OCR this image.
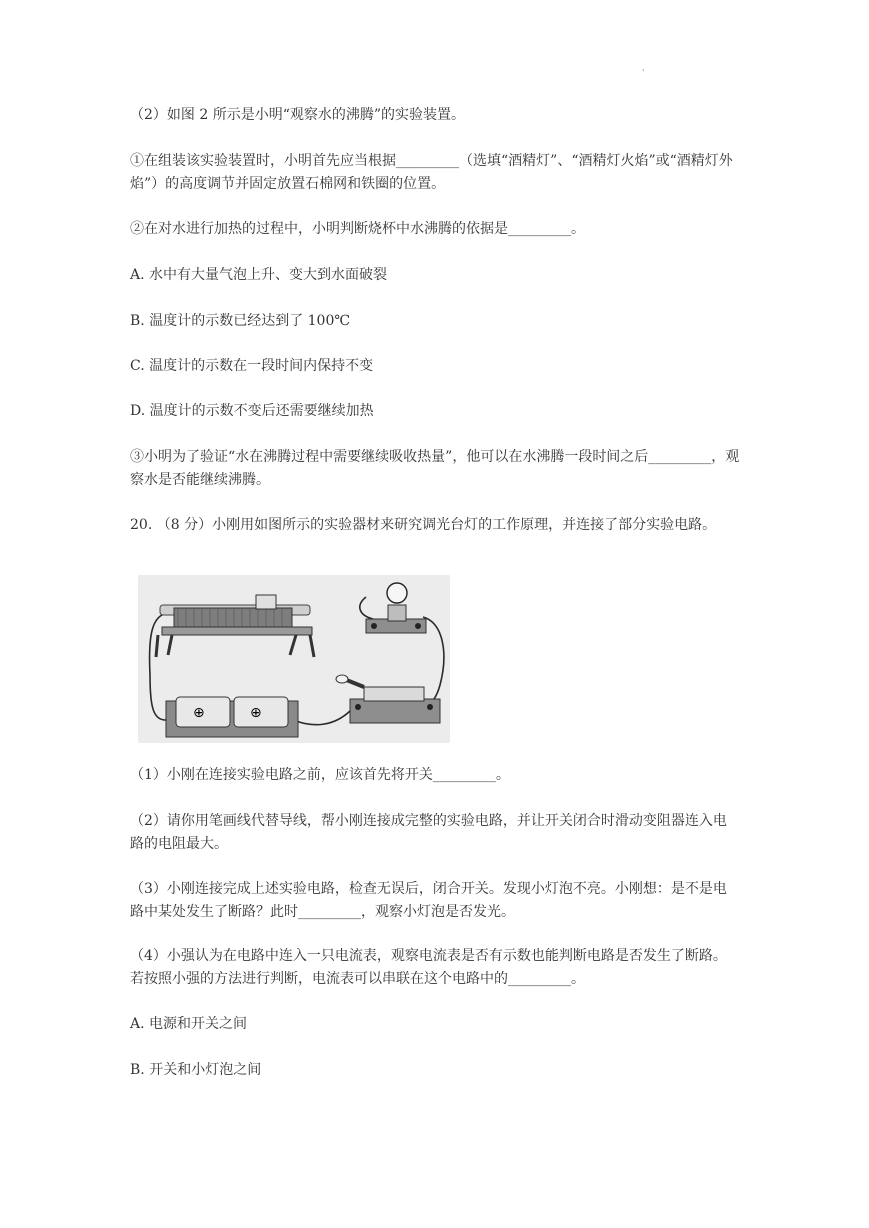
·

（2）如图 2 所示是小明“观察水的沸腾”的实验装置。

①在组装该实验装置时，小明首先应当根据_________（选填“酒精灯”、“酒精灯火焰”或“酒精灯外焰”）的高度调节并固定放置石棉网和铁圈的位置。

②在对水进行加热的过程中，小明判断烧杯中水沸腾的依据是_________。

A. 水中有大量气泡上升、变大到水面破裂

B. 温度计的示数已经达到了 100℃

C. 温度计的示数在一段时间内保持不变

D. 温度计的示数不变后还需要继续加热

③小明为了验证“水在沸腾过程中需要继续吸收热量”，他可以在水沸腾一段时间之后_________，观察水是否能继续沸腾。

20. （8 分）小刚用如图所示的实验器材来研究调光台灯的工作原理，并连接了部分实验电路。

⊕	⊕

（1）小刚在连接实验电路之前，应该首先将开关_________。

（2）请你用笔画线代替导线，帮小刚连接成完整的实验电路，并让开关闭合时滑动变阻器连入电路的电阻最大。

（3）小刚连接完成上述实验电路，检查无误后，闭合开关。发现小灯泡不亮。小刚想：是不是电路中某处发生了断路？此时_________，观察小灯泡是否发光。

（4）小强认为在电路中连入一只电流表，观察电流表是否有示数也能判断电路是否发生了断路。若按照小强的方法进行判断，电流表可以串联在这个电路中的_________。

A. 电源和开关之间

B. 开关和小灯泡之间
